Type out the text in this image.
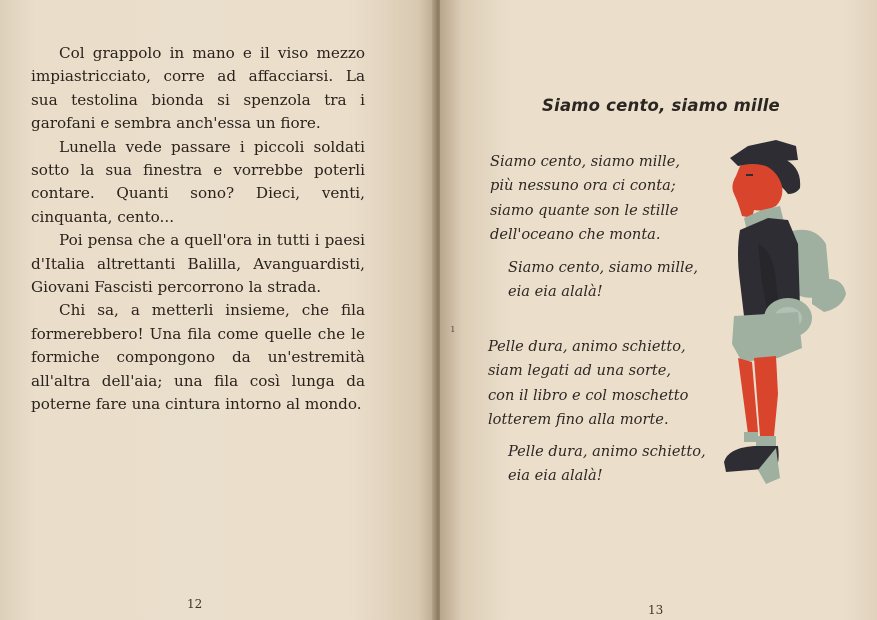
Col grappolo in mano e il viso mezzo impiastricciato, corre ad affacciarsi. La sua testolina bionda si spenzola tra i garofani e sembra anch'essa un fiore.

Lunella vede passare i piccoli soldati sotto la sua finestra e vorrebbe poterli contare. Quanti sono? Dieci, venti, cinquanta, cento...

Poi pensa che a quell'ora in tutti i paesi d'Italia altrettanti Balilla, Avanguardisti, Giovani Fascisti percorrono la strada.

Chi sa, a metterli insieme, che fila formerebbero! Una fila come quelle che le formiche compongono da un'estremità all'altra dell'aia; una fila così lunga da poterne fare una cintura intorno al mondo.

12	13
Siamo cento, siamo mille
Siamo cento, siamo mille,
più nessuno ora ci conta;
siamo quante son le stille
dell'oceano che monta.
Siamo cento, siamo mille,
eia eia alalà!
Pelle dura, animo schietto,
siam legati ad una sorte,
con il libro e col moschetto
lotterem fino alla morte.
Pelle dura, animo schietto,
eia eia alalà!
ı
